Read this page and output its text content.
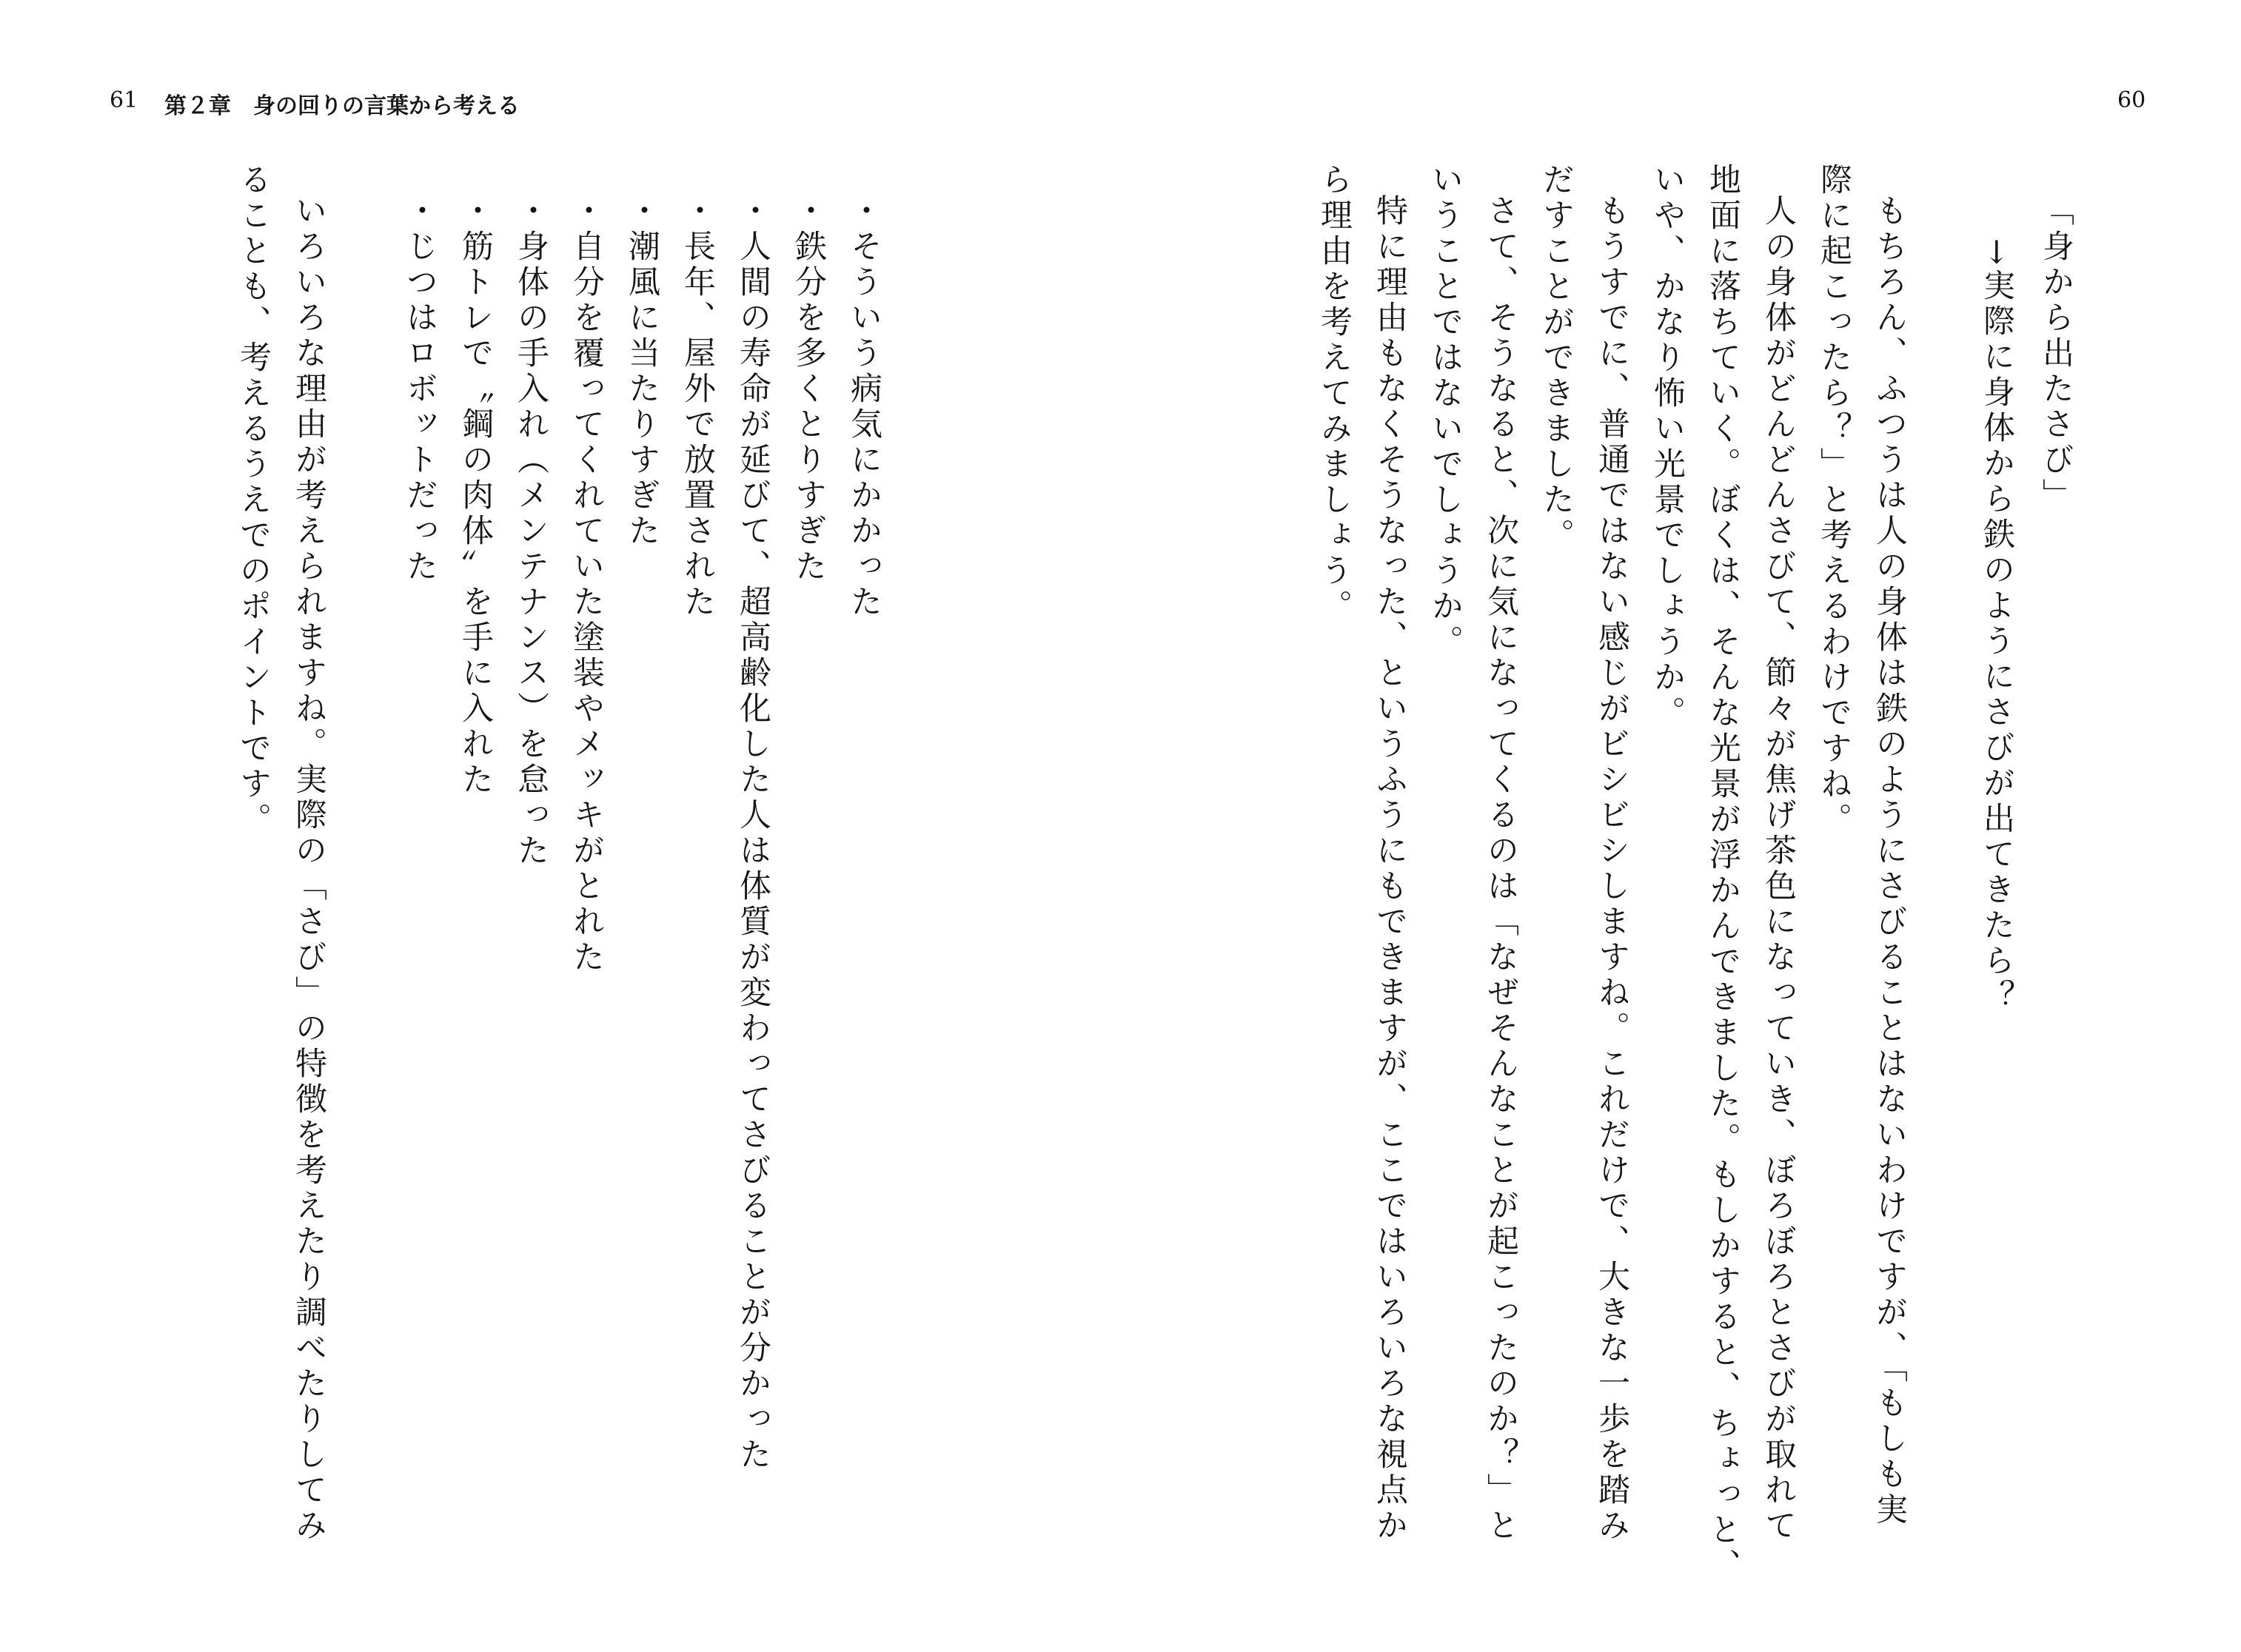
61 第２章　身の回りの言葉から考える	60
「身から出たさび」
→実際に身体から鉄のようにさびが出てきたら？
もちろん、ふつうは人の身体は鉄のようにさびることはないわけですが、「もしも実
際に起こったら？」と考えるわけですね。
人の身体がどんどんさびて、節々が焦げ茶色になっていき、ぼろぼろとさびが取れて
地面に落ちていく。ぼくは、そんな光景が浮かんできました。もしかすると、ちょっと、
いや、かなり怖い光景でしょうか。
もうすでに、普通ではない感じがビシビシしますね。これだけで、大きな一歩を踏み
だすことができました。
さて、そうなると、次に気になってくるのは「なぜそんなことが起こったのか？」と
いうことではないでしょうか。
特に理由もなくそうなった、というふうにもできますが、ここではいろいろな視点か
ら理由を考えてみましょう。
・そういう病気にかかった
・鉄分を多くとりすぎた
・人間の寿命が延びて、超高齢化した人は体質が変わってさびることが分かった
・長年、屋外で放置された
・潮風に当たりすぎた
・自分を覆ってくれていた塗装やメッキがとれた
・身体の手入れ（メンテナンス）を怠った
・筋トレで〝鋼の肉体〟を手に入れた
・じつはロボットだった
いろいろな理由が考えられますね。実際の「さび」の特徴を考えたり調べたりしてみ
ることも、考えるうえでのポイントです。
